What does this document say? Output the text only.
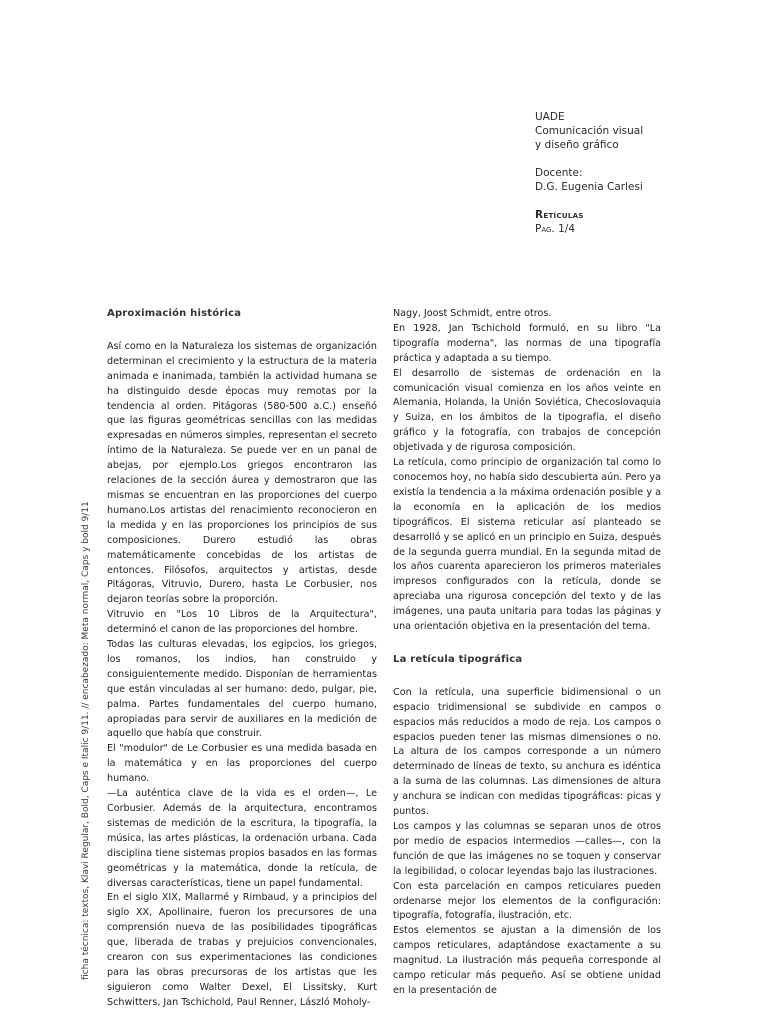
UADE
Comunicación visual
y diseño gráfico
Docente:
D.G. Eugenia Carlesi
Retículas
Pag. 1/4
ficha técnica: textos, Klavi Regular, Bold, Caps e Italic 9/11. // encabezado: Meta normal, Caps y bold 9/11
Aproximación histórica

Así como en la Naturaleza los sistemas de organización determinan el crecimiento y la estructura de la materia animada e inanimada, también la actividad humana se ha distinguido desde épocas muy remotas por la tendencia al orden. Pitágoras (580-500 a.C.) enseñó que las figuras geométricas sencillas con las medidas expresadas en números simples, representan el secreto íntimo de la Naturaleza. Se puede ver en un panal de abejas, por ejemplo.Los griegos encontraron las relaciones de la sección áurea y demostraron que las mismas se encuentran en las proporciones del cuerpo humano.Los artistas del renacimiento reconocieron en la medida y en las proporciones los principios de sus composiciones. Durero estudió las obras matemáticamente concebidas de los artistas de entonces. Filósofos, arquitectos y artistas, desde Pitágoras, Vitruvio, Durero, hasta Le Corbusier, nos dejaron teorías sobre la proporción.

Vitruvio en "Los 10 Libros de la Arquitectura", determinó el canon de las proporciones del hombre.

Todas las culturas elevadas, los egipcios, los griegos, los romanos, los indios, han construido y consiguientemente medido. Disponían de herramientas que están vinculadas al ser humano: dedo, pulgar, pie, palma. Partes fundamentales del cuerpo humano, apropiadas para servir de auxiliares en la medición de aquello que había que construir.

El "modulor" de Le Corbusier es una medida basada en la matemática y en las proporciones del cuerpo humano.

—La auténtica clave de la vida es el orden—, Le Corbusier. Además de la arquitectura, encontramos sistemas de medición de la escritura, la tipografía, la música, las artes plásticas, la ordenación urbana. Cada disciplina tiene sistemas propios basados en las formas geométricas y la matemática, donde la retícula, de diversas características, tiene un papel fundamental.

En el siglo XIX, Mallarmé y Rimbaud, y a principios del siglo XX, Apollinaire, fueron los precursores de una comprensión nueva de las posibilidades tipográficas que, liberada de trabas y prejuicios convencionales, crearon con sus experimentaciones las condiciones para las obras precursoras de los artistas que les siguieron como Walter Dexel, El Lissitsky, Kurt Schwitters, Jan Tschichold, Paul Renner, László Moholy-

Nagy, Joost Schmidt, entre otros.

En 1928, Jan Tschichold formuló, en su libro "La tipografía moderna", las normas de una tipografía práctica y adaptada a su tiempo.

El desarrollo de sistemas de ordenación en la comunicación visual comienza en los años veinte en Alemania, Holanda, la Unión Soviética, Checoslovaquia y Suiza, en los ámbitos de la tipografía, el diseño gráfico y la fotografía, con trabajos de concepción objetivada y de rigurosa composición.

La retícula, como principio de organización tal como lo conocemos hoy, no había sido descubierta aún. Pero ya existía la tendencia a la máxima ordenación posible y a la economía en la aplicación de los medios tipográficos. El sistema reticular así planteado se desarrolló y se aplicó en un principio en Suiza, después de la segunda guerra mundial. En la segunda mitad de los años cuarenta aparecieron los primeros materiales impresos configurados con la retícula, donde se apreciaba una rigurosa concepción del texto y de las imágenes, una pauta unitaria para todas las páginas y una orientación objetiva en la presentación del tema.

La retícula tipográfica

Con la retícula, una superficie bidimensional o un espacio tridimensional se subdivide en campos o espacios más reducidos a modo de reja. Los campos o espacios pueden tener las mismas dimensiones o no. La altura de los campos corresponde a un número determinado de líneas de texto, su anchura es idéntica a la suma de las columnas. Las dimensiones de altura y anchura se indican con medidas tipográficas: picas y puntos.

Los campos y las columnas se separan unos de otros por medio de espacios intermedios —calles—, con la función de que las imágenes no se toquen y conservar la legibilidad, o colocar leyendas bajo las ilustraciones.

Con esta parcelación en campos reticulares pueden ordenarse mejor los elementos de la configuración: tipografía, fotografía, ilustración, etc.

Estos elementos se ajustan a la dimensión de los campos reticulares, adaptándose exactamente a su magnitud. La ilustración más pequeña corresponde al campo reticular más pequeño. Así se obtiene unidad en la presentación de
